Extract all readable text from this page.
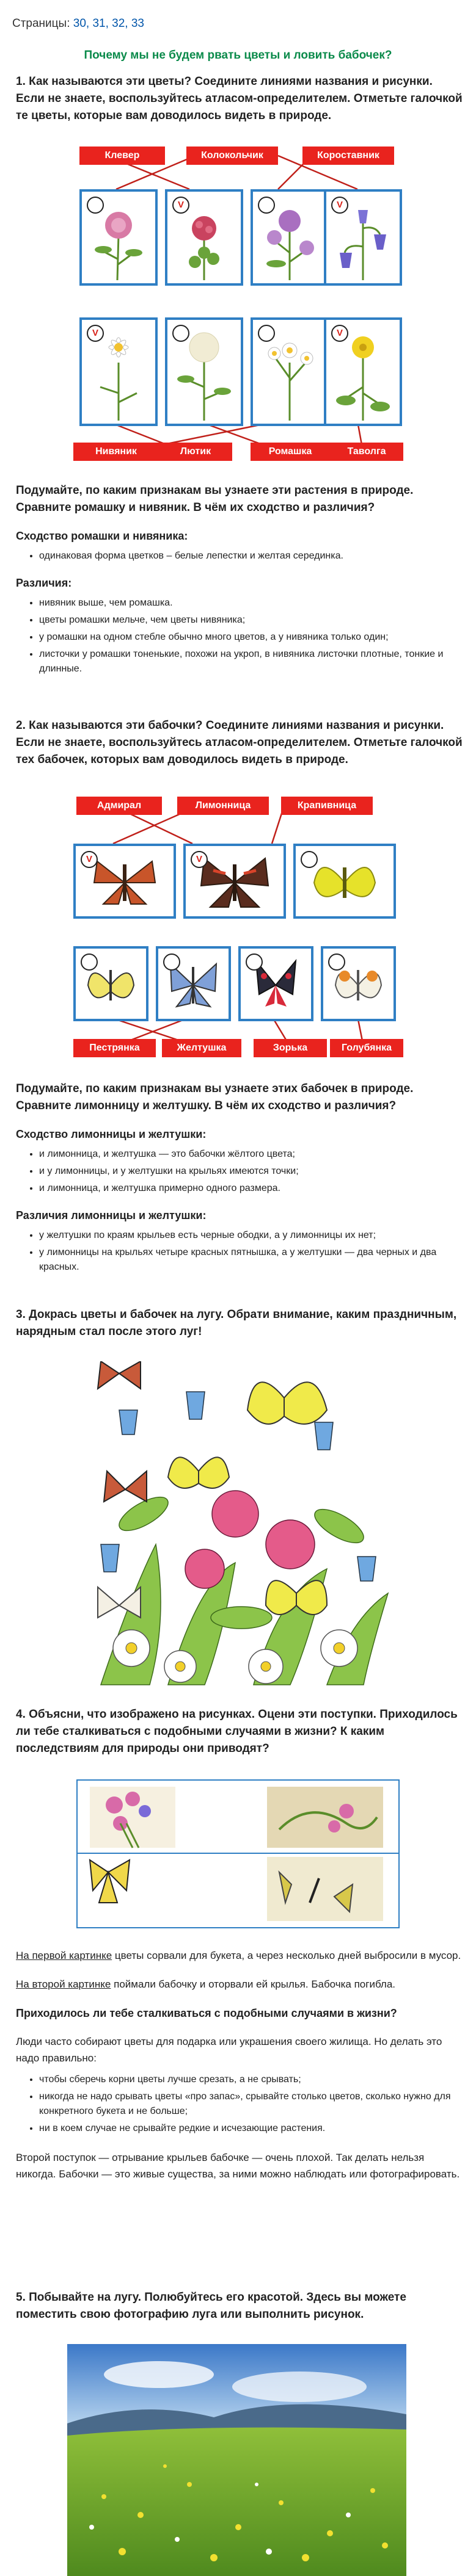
Страницы: 30, 31, 32, 33
Почему мы не будем рвать цветы и ловить бабочек?

1. Как называются эти цветы? Соедините линиями названия и рисунки. Если не знаете, воспользуйтесь атласом-определителем. Отметьте галочкой те цветы, которые вам доводилось видеть в природе.

Клевер	Колокольчик	Короставник
V	V
V	V
Нивяник	Лютик	Ромашка	Таволга

Подумайте, по каким признакам вы узнаете эти растения в природе. Сравните ромашку и нивяник. В чём их сходство и различия?

Сходство ромашки и нивяника:

• одинаковая форма цветков – белые лепестки и желтая серединка.

Различия:

• нивяник выше, чем ромашка.
• цветы ромашки мельче, чем цветы нивяника;
• у ромашки на одном стебле обычно много цветов, а у нивяника только один;
• листочки у ромашки тоненькие, похожи на укроп, в нивяника листочки плотные, тонкие и длинные.

2. Как называются эти бабочки? Соедините линиями названия и рисунки. Если не знаете, воспользуйтесь атласом-определителем. Отметьте галочкой тех бабочек, которых вам доводилось видеть в природе.

Адмирал	Лимонница	Крапивница
V	V
Пестрянка	Желтушка	Зорька	Голубянка

Подумайте, по каким признакам вы узнаете этих бабочек в природе. Сравните лимонницу и желтушку. В чём их сходство и различия?

Сходство лимонницы и желтушки:

• и лимонница, и желтушка — это бабочки жёлтого цвета;
• и у лимонницы, и у желтушки на крыльях имеются точки;
• и лимонница, и желтушка примерно одного размера.

Различия лимонницы и желтушки:

• у желтушки по краям крыльев есть черные ободки, а у лимонницы их нет;
• у лимонницы на крыльях четыре красных пятнышка, а у желтушки — два черных и два красных.

3. Докрась цветы и бабочек на лугу. Обрати внимание, каким праздничным, нарядным стал после этого луг!

4. Объясни, что изображено на рисунках. Оцени эти поступки. Приходилось ли тебе сталкиваться с подобными случаями в жизни? К каким последствиям для природы они приводят?

На первой картинке цветы сорвали для букета, а через несколько дней выбросили в мусор.

На второй картинке поймали бабочку и оторвали ей крылья. Бабочка погибла.

Приходилось ли тебе сталкиваться с подобными случаями в жизни?

Люди часто собирают цветы для подарка или украшения своего жилища. Но делать это надо правильно:

• чтобы сберечь корни цветы лучше срезать, а не срывать;
• никогда не надо срывать цветы «про запас», срывайте столько цветов, сколько нужно для конкретного букета и не больше;
• ни в коем случае не срывайте редкие и исчезающие растения.

Второй поступок — отрывание крыльев бабочке — очень плохой. Так делать нельзя никогда. Бабочки — это живые существа, за ними можно наблюдать или фотографировать.

5. Побывайте на лугу. Полюбуйтесь его красотой. Здесь вы можете поместить свою фотографию луга или выполнить рисунок.
